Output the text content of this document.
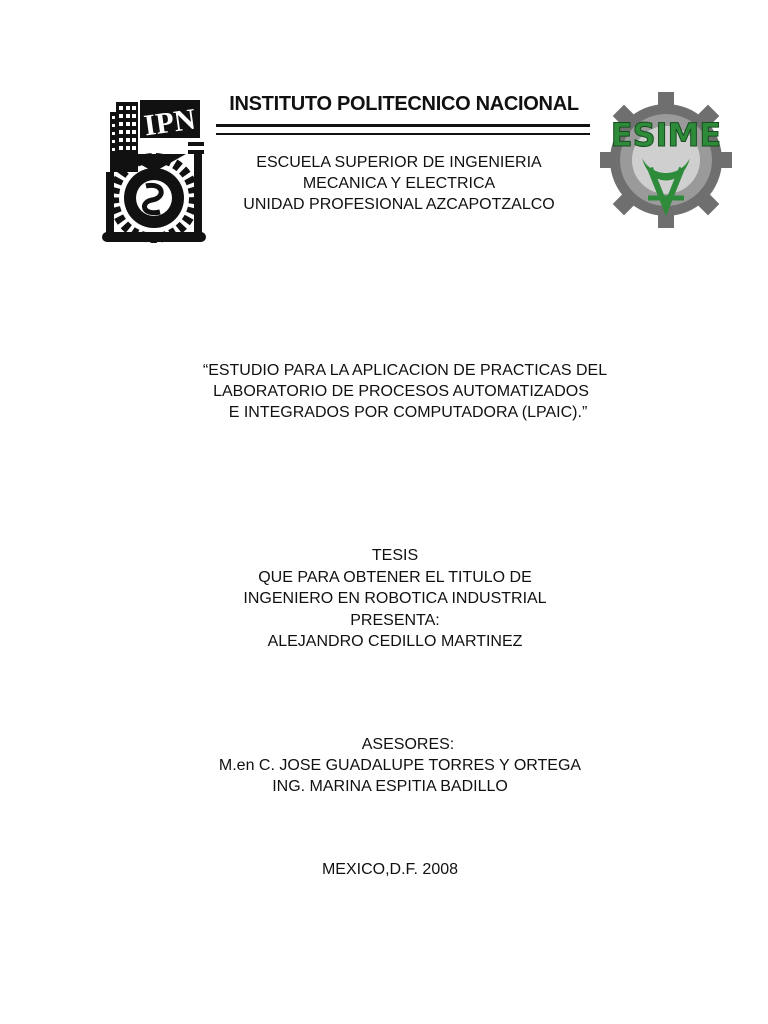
IPN	ESIME
INSTITUTO POLITECNICO NACIONAL
ESCUELA SUPERIOR DE INGENIERIA
MECANICA Y ELECTRICA
UNIDAD PROFESIONAL AZCAPOTZALCO
“ESTUDIO PARA LA APLICACION DE PRACTICAS DEL
LABORATORIO DE PROCESOS AUTOMATIZADOS
E INTEGRADOS POR COMPUTADORA (LPAIC).”
TESIS
QUE PARA OBTENER EL TITULO DE
INGENIERO EN ROBOTICA INDUSTRIAL
PRESENTA:
ALEJANDRO CEDILLO MARTINEZ
ASESORES:
M.en C. JOSE GUADALUPE TORRES Y ORTEGA
ING. MARINA ESPITIA BADILLO
MEXICO,D.F. 2008
